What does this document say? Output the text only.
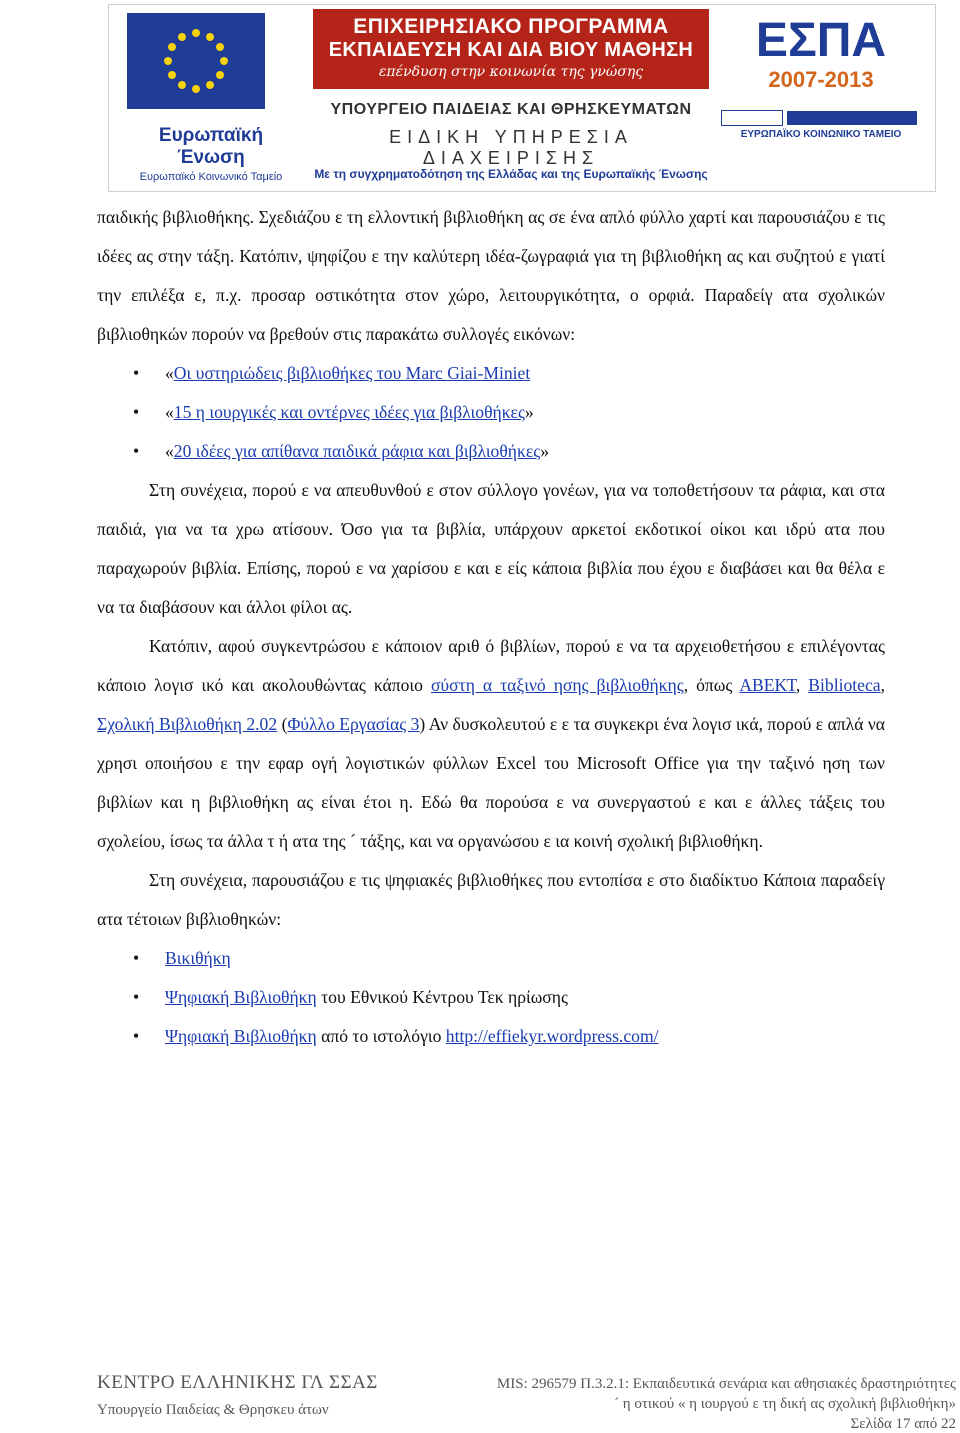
Ευρωπαϊκή Ένωση
Ευρωπαϊκό Κοινωνικό Ταμείο
ΕΠΙΧΕΙΡΗΣΙΑΚΟ ΠΡΟΓΡΑΜΜΑ
ΕΚΠΑΙΔΕΥΣΗ ΚΑΙ ΔΙΑ ΒΙΟΥ ΜΑΘΗΣΗ
επένδυση στην κοινωνία της γνώσης
ΥΠΟΥΡΓΕΙΟ ΠΑΙΔΕΙΑΣ ΚΑΙ ΘΡΗΣΚΕΥΜΑΤΩΝ
ΕΙΔΙΚΗ ΥΠΗΡΕΣΙΑ ΔΙΑΧΕΙΡΙΣΗΣ
Με τη συγχρηματοδότηση της Ελλάδας και της Ευρωπαϊκής Ένωσης
ΕΣΠΑ
2007-2013
ΕΥΡΩΠΑΪΚΟ ΚΟΙΝΩΝΙΚΟ ΤΑΜΕΙΟ

παιδικής βιβλιοθήκης. Σχεδιάζου ε τη ελλοντική βιβλιοθήκη ας σε ένα απλό φύλλο χαρτί και παρουσιάζου ε τις ιδέες ας στην τάξη. Κατόπιν, ψηφίζου ε την καλύτερη ιδέα-ζωγραφιά για τη βιβλιοθήκη ας και συζητού ε γιατί την επιλέξα ε, π.χ. προσαρ οστικότητα στον χώρο, λειτουργικότητα, ο ορφιά. Παραδείγ ατα σχολικών βιβλιοθηκών πορούν να βρεθούν στις παρακάτω συλλογές εικόνων:

• «Οι υστηριώδεις βιβλιοθήκες του Marc Giai-Miniet
• «15 η ιουργικές και οντέρνες ιδέες για βιβλιοθήκες»
• «20 ιδέες για απίθανα παιδικά ράφια και βιβλιοθήκες»

Στη συνέχεια, πορού ε να απευθυνθού ε στον σύλλογο γονέων, για να τοποθετήσουν τα ράφια, και στα παιδιά, για να τα χρω ατίσουν. Όσο για τα βιβλία, υπάρχουν αρκετοί εκδοτικοί οίκοι και ιδρύ ατα που παραχωρούν βιβλία. Επίσης, πορού ε να χαρίσου ε και ε είς κάποια βιβλία που έχου ε διαβάσει και θα θέλα ε να τα διαβάσουν και άλλοι φίλοι ας.

Κατόπιν, αφού συγκεντρώσου ε κάποιον αριθ ό βιβλίων, πορού ε να τα αρχειοθετήσου ε επιλέγοντας κάποιο λογισ ικό και ακολουθώντας κάποιο σύστη α ταξινό ησης βιβλιοθήκης, όπως ΑΒΕΚΤ, Biblioteca, Σχολική Βιβλιοθήκη 2.02 (Φύλλο Εργασίας 3) Αν δυσκολευτού ε ε τα συγκεκρι ένα λογισ ικά, πορού ε απλά να χρησι οποιήσου ε την εφαρ ογή λογιστικών φύλλων Excel του Microsoft Office για την ταξινό ηση των βιβλίων και η βιβλιοθήκη ας είναι έτοι η. Εδώ θα πορούσα ε να συνεργαστού ε και ε άλλες τάξεις του σχολείου, ίσως τα άλλα τ ή ατα της ´ τάξης, και να οργανώσου ε ια κοινή σχολική βιβλιοθήκη.

Στη συνέχεια, παρουσιάζου ε τις ψηφιακές βιβλιοθήκες που εντοπίσα ε στο διαδίκτυο Κάποια παραδείγ ατα τέτοιων βιβλιοθηκών:

• Βικιθήκη
• Ψηφιακή Βιβλιοθήκη του Εθνικού Κέντρου Τεκ ηρίωσης
• Ψηφιακή Βιβλιοθήκη από το ιστολόγιο http://effiekyr.wordpress.com/
ΚΕΝΤΡΟ ΕΛΛΗΝΙΚΗΣ ΓΛ ΣΣΑΣ
Υπουργείο Παιδείας & Θρησκευ άτων
MIS: 296579 Π.3.2.1: Εκπαιδευτικά σενάρια και αθησιακές δραστηριότητες
´ η οτικού « η ιουργού ε τη δική ας σχολική βιβλιοθήκη»
Σελίδα 17 από 22
